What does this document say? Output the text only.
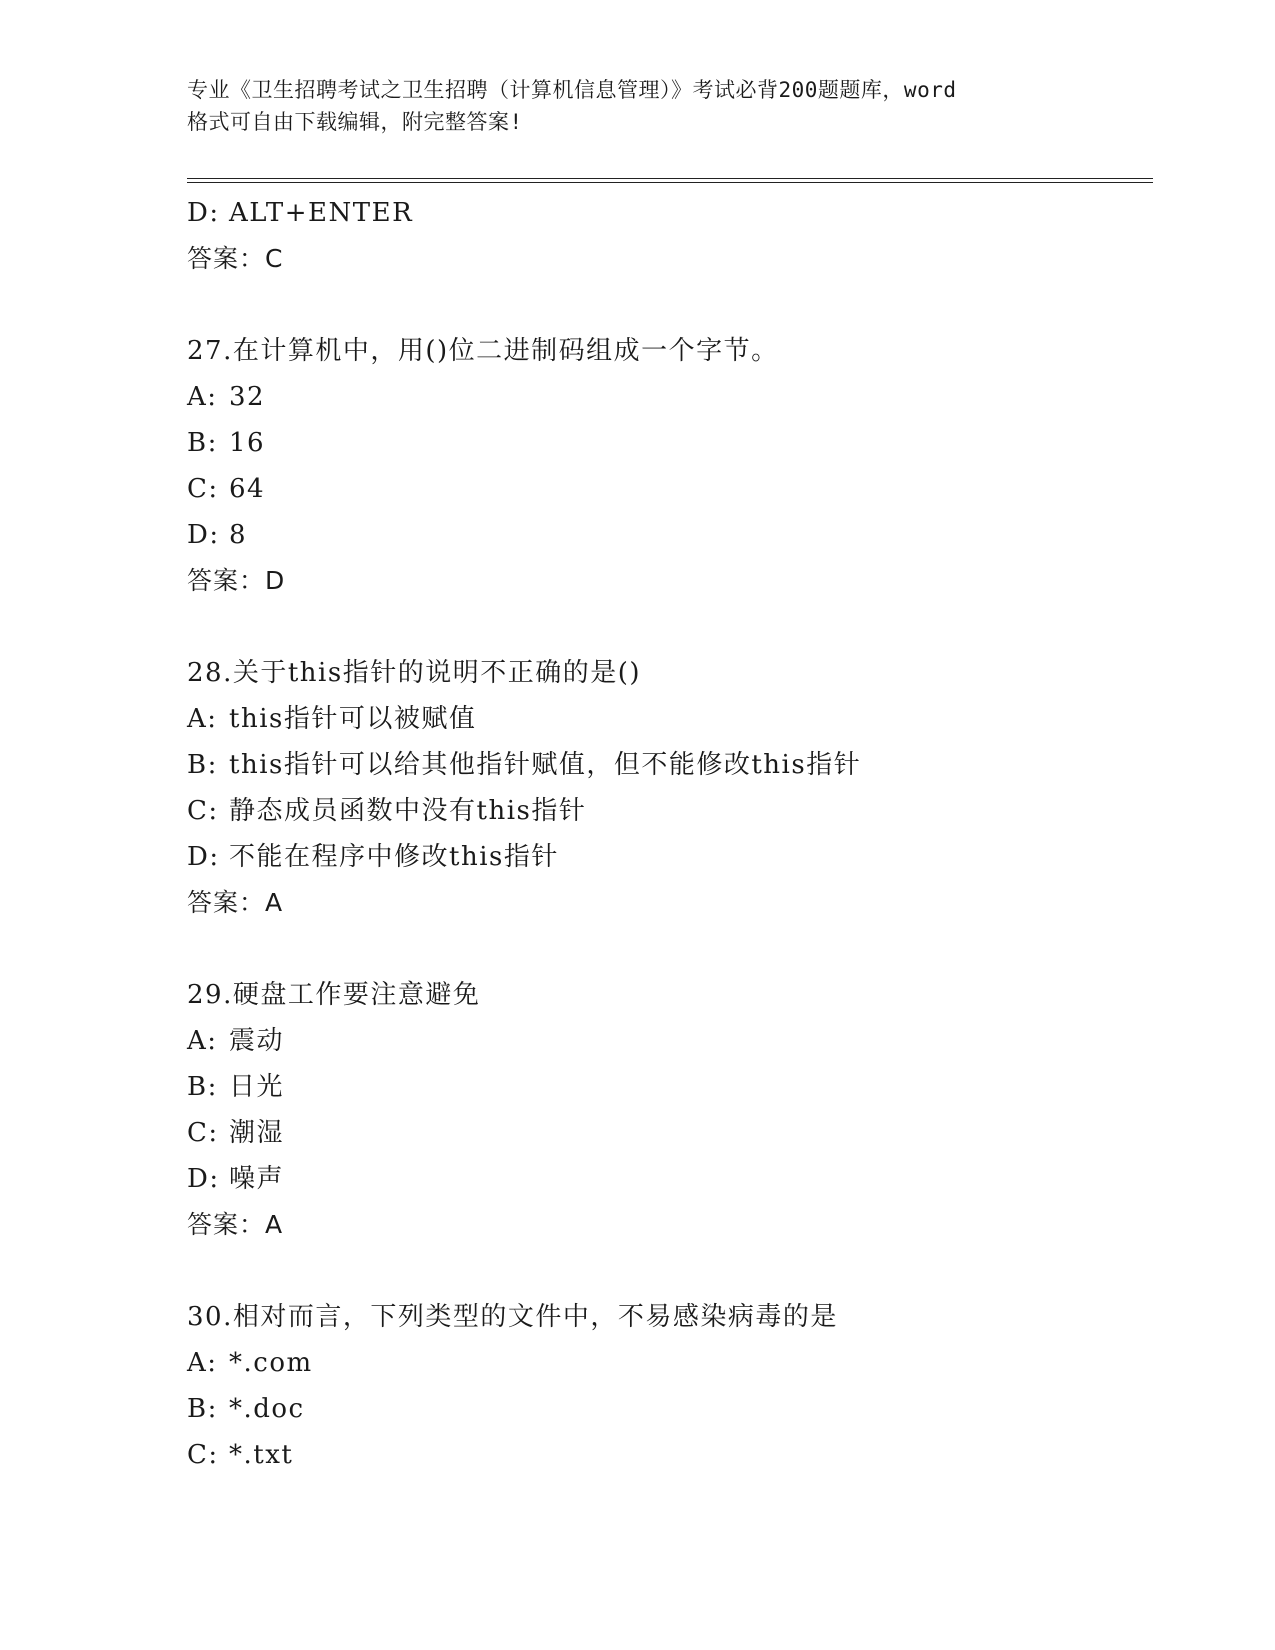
专业《卫生招聘考试之卫生招聘（计算机信息管理）》考试必背200题题库，word
格式可自由下载编辑，附完整答案!
D: ALT+ENTER
答案：C
27.在计算机中，用()位二进制码组成一个字节。
A: 32
B: 16
C: 64
D: 8
答案：D
28.关于this指针的说明不正确的是()
A: this指针可以被赋值
B: this指针可以给其他指针赋值，但不能修改this指针
C: 静态成员函数中没有this指针
D: 不能在程序中修改this指针
答案：A
29.硬盘工作要注意避免
A: 震动
B: 日光
C: 潮湿
D: 噪声
答案：A
30.相对而言，下列类型的文件中，不易感染病毒的是
A: *.com
B: *.doc
C: *.txt
